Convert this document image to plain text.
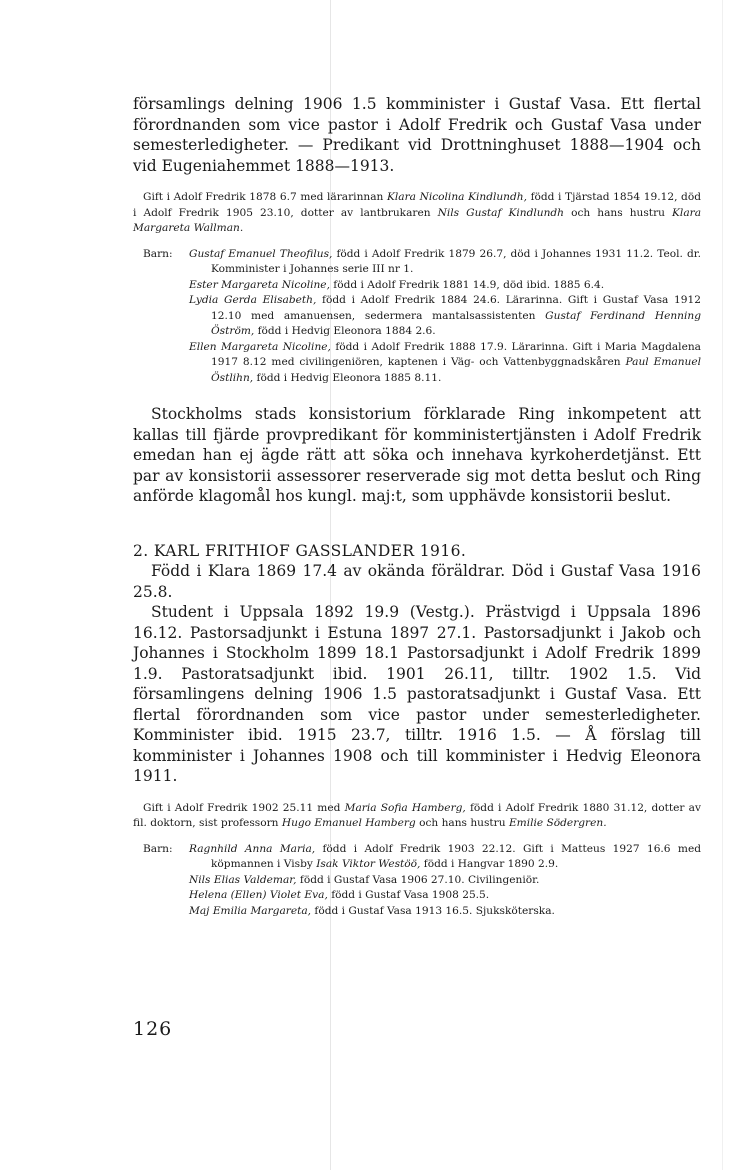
församlings delning 1906 1.5 komminister i Gustaf Vasa. Ett flertal förordnanden som vice pastor i Adolf Fredrik och Gustaf Vasa under semesterledigheter. — Predikant vid Drottninghuset 1888—1904 och vid Eugeniahemmet 1888—1913.

Gift i Adolf Fredrik 1878 6.7 med lärarinnan Klara Nicolina Kindlundh, född i Tjärstad 1854 19.12, död i Adolf Fredrik 1905 23.10, dotter av lantbrukaren Nils Gustaf Kindlundh och hans hustru Klara Margareta Wallman.

Barn: Gustaf Emanuel Theofilus, född i Adolf Fredrik 1879 26.7, död i Johannes 1931 11.2. Teol. dr. Komminister i Johannes serie III nr 1.

Ester Margareta Nicoline, född i Adolf Fredrik 1881 14.9, död ibid. 1885 6.4.

Lydia Gerda Elisabeth, född i Adolf Fredrik 1884 24.6. Lärarinna. Gift i Gustaf Vasa 1912 12.10 med amanuensen, sedermera mantalsassistenten Gustaf Ferdinand Henning Öström, född i Hedvig Eleonora 1884 2.6.

Ellen Margareta Nicoline, född i Adolf Fredrik 1888 17.9. Lärarinna. Gift i Maria Magdalena 1917 8.12 med civilingeniören, kaptenen i Väg- och Vattenbyggnadskåren Paul Emanuel Östlihn, född i Hedvig Eleonora 1885 8.11.

Stockholms stads konsistorium förklarade Ring inkompetent att kallas till fjärde provpredikant för komministertjänsten i Adolf Fredrik emedan han ej ägde rätt att söka och innehava kyrkoherdetjänst. Ett par av konsistorii assessorer reserverade sig mot detta beslut och Ring anförde klagomål hos kungl. maj:t, som upphävde konsistorii beslut.

2. KARL FRITHIOF GASSLANDER 1916.

Född i Klara 1869 17.4 av okända föräldrar. Död i Gustaf Vasa 1916 25.8.

Student i Uppsala 1892 19.9 (Vestg.). Prästvigd i Uppsala 1896 16.12. Pastorsadjunkt i Estuna 1897 27.1. Pastorsadjunkt i Jakob och Johannes i Stockholm 1899 18.1 Pastorsadjunkt i Adolf Fredrik 1899 1.9. Pastoratsadjunkt ibid. 1901 26.11, tilltr. 1902 1.5. Vid församlingens delning 1906 1.5 pastoratsadjunkt i Gustaf Vasa. Ett flertal förordnanden som vice pastor under semesterledigheter. Komminister ibid. 1915 23.7, tilltr. 1916 1.5. — Å förslag till komminister i Johannes 1908 och till komminister i Hedvig Eleonora 1911.

Gift i Adolf Fredrik 1902 25.11 med Maria Sofia Hamberg, född i Adolf Fredrik 1880 31.12, dotter av fil. doktorn, sist professorn Hugo Emanuel Hamberg och hans hustru Emilie Södergren.

Barn: Ragnhild Anna Maria, född i Adolf Fredrik 1903 22.12. Gift i Matteus 1927 16.6 med köpmannen i Visby Isak Viktor Westöö, född i Hangvar 1890 2.9.

Nils Elias Valdemar, född i Gustaf Vasa 1906 27.10. Civilingeniör.

Helena (Ellen) Violet Eva, född i Gustaf Vasa 1908 25.5.

Maj Emilia Margareta, född i Gustaf Vasa 1913 16.5. Sjuksköterska.

126
